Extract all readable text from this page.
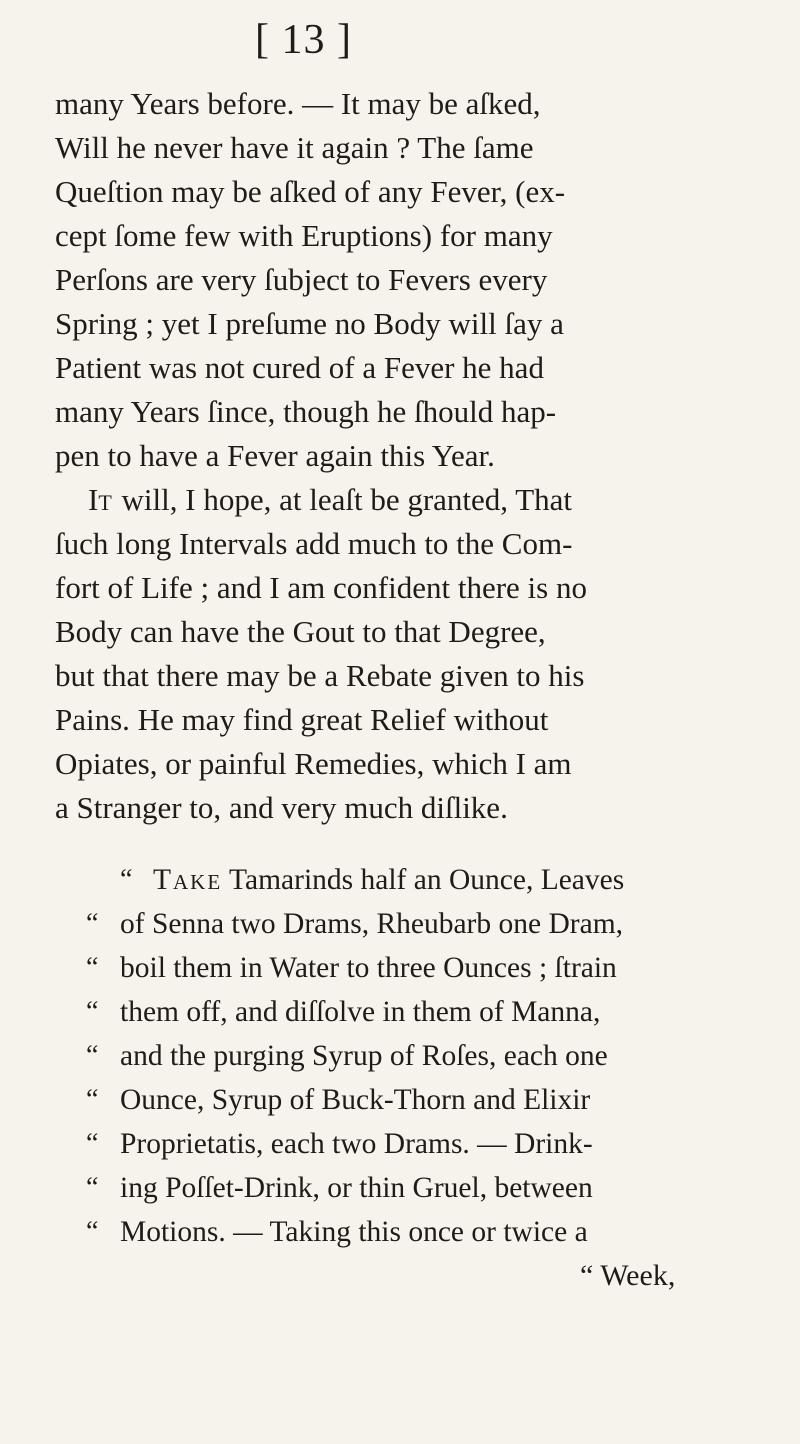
[ 13 ]
many Years before. — It may be aſked,
Will he never have it again ? The ſame
Queſtion may be aſked of any Fever, (ex-
cept ſome few with Eruptions) for many
Perſons are very ſubject to Fevers every
Spring ; yet I preſume no Body will ſay a
Patient was not cured of a Fever he had
many Years ſince, though he ſhould hap-
pen to have a Fever again this Year.
It will, I hope, at leaſt be granted, That
ſuch long Intervals add much to the Com-
fort of Life ; and I am confident there is no
Body can have the Gout to that Degree,
but that there may be a Rebate given to his
Pains. He may find great Relief without
Opiates, or painful Remedies, which I am
a Stranger to, and very much diſlike.
“ Take Tamarinds half an Ounce, Leaves
“ of Senna two Drams, Rheubarb one Dram,
“ boil them in Water to three Ounces ; ſtrain
“ them off, and diſſolve in them of Manna,
“ and the purging Syrup of Roſes, each one
“ Ounce, Syrup of Buck-Thorn and Elixir
“ Proprietatis, each two Drams. — Drink-
“ ing Poſſet-Drink, or thin Gruel, between
“ Motions. — Taking this once or twice a
“ Week,
